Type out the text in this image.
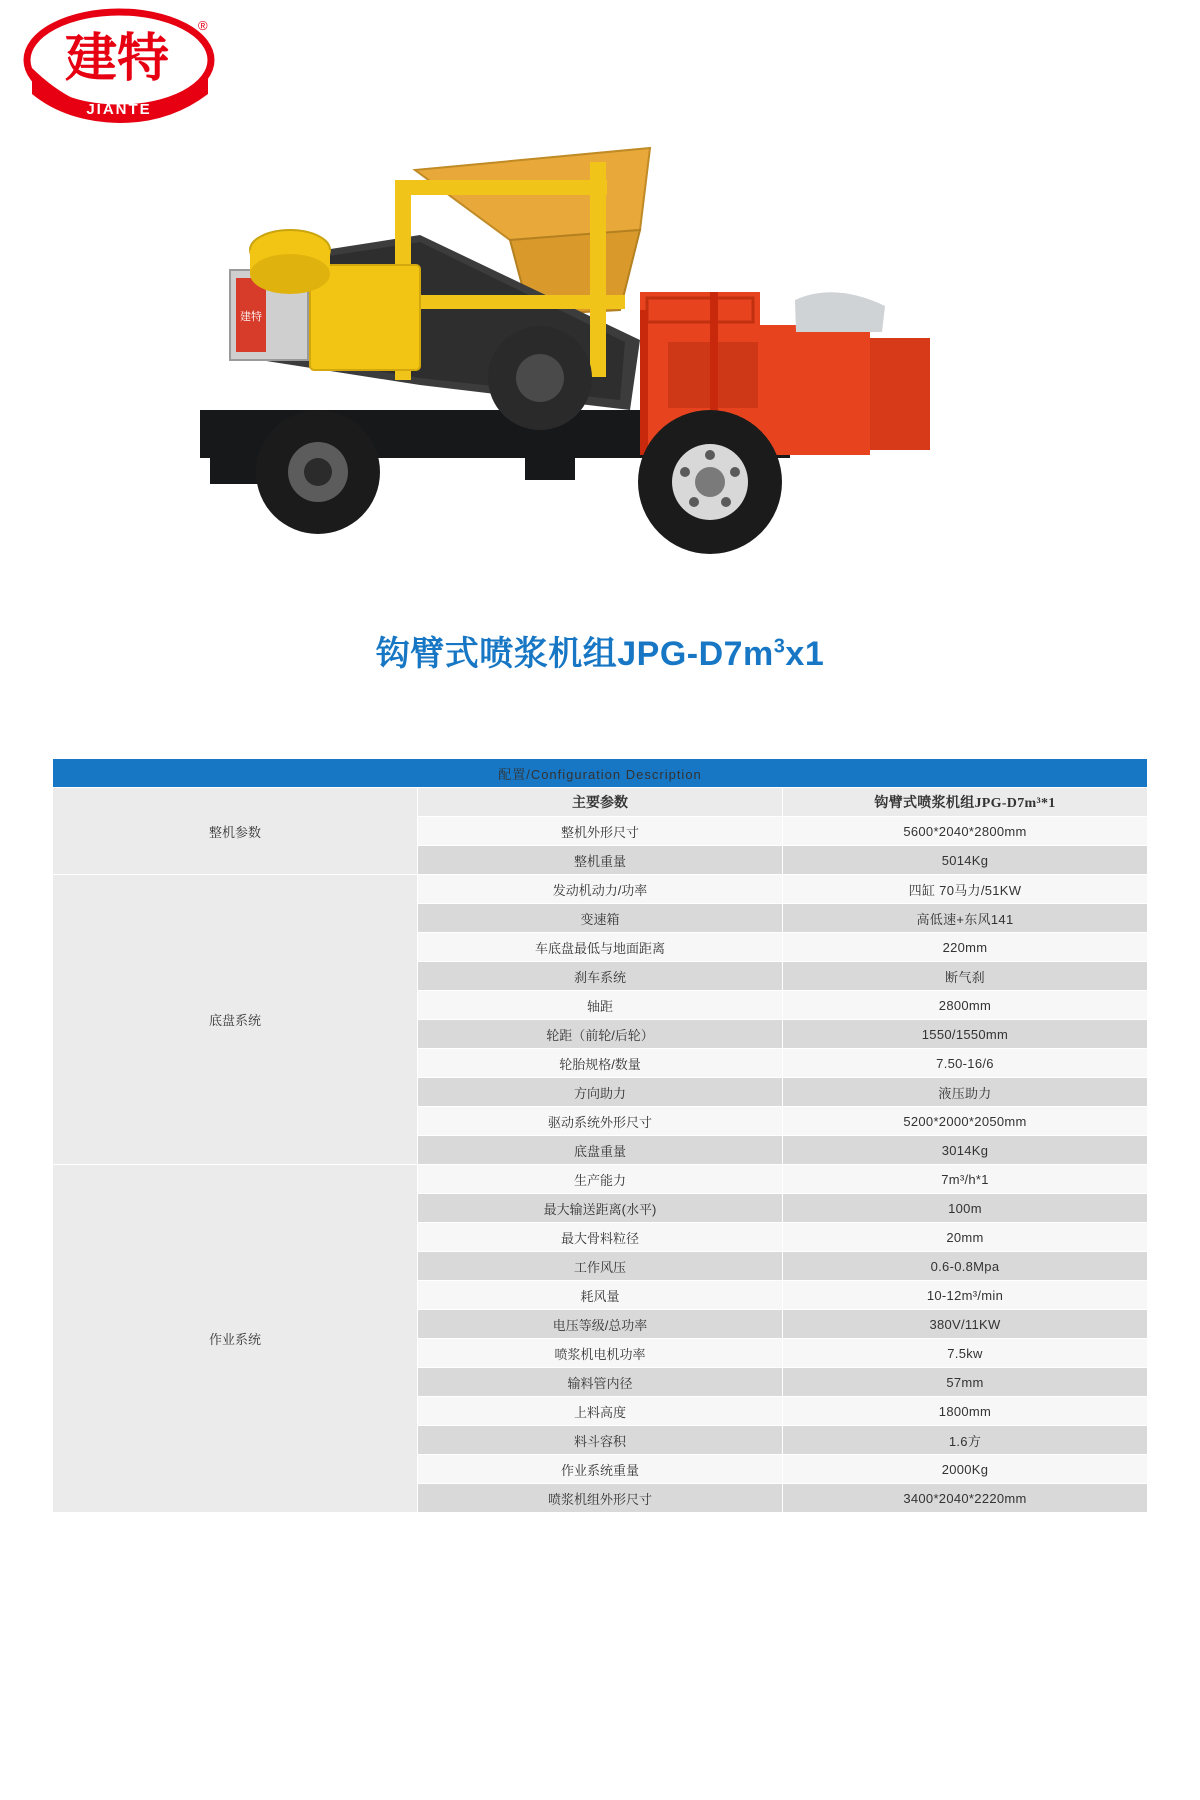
建特
JIANTE
®
建特
钩臂式喷浆机组JPG-$D7m^3x1$
配置/Configuration Description		
整机参数	主要参数	钩臂式喷浆机组JPG-D7m³*1
	整机外形尺寸	5600*2040*2800mm
	整机重量	5014Kg
底盘系统	发动机动力/功率	四缸 70马力/51KW
	变速箱	高低速+东风141
	车底盘最低与地面距离	220mm
	刹车系统	断气刹
	轴距	2800mm
	轮距（前轮/后轮）	1550/1550mm
	轮胎规格/数量	7.50-16/6
	方向助力	液压助力
	驱动系统外形尺寸	5200*2000*2050mm
	底盘重量	3014Kg
作业系统	生产能力	7m³/h*1
	最大输送距离(水平)	100m
	最大骨料粒径	20mm
	工作风压	0.6-0.8Mpa
	耗风量	10-12m³/min
	电压等级/总功率	380V/11KW
	喷浆机电机功率	7.5kw
	输料管内径	57mm
	上料高度	1800mm
	料斗容积	1.6方
	作业系统重量	2000Kg
	喷浆机组外形尺寸	3400*2040*2220mm
